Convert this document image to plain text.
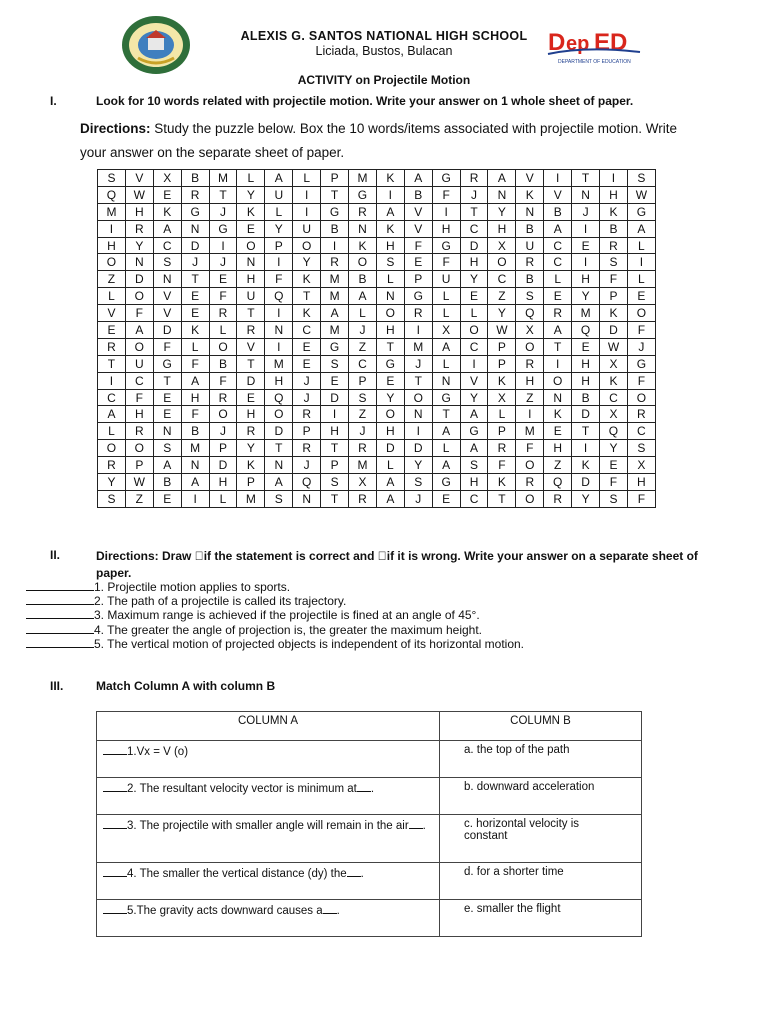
ALEXIS G. SANTOS NATIONAL HIGH SCHOOL
Liciada, Bustos, Bulacan	D ep ED
DEPARTMENT OF EDUCATION
ACTIVITY on Projectile Motion
I.	Look for 10 words related with projectile motion. Write your answer on 1 whole sheet of paper.
Directions: Study the puzzle below. Box the 10 words/items associated with projectile motion. Write your answer on the separate sheet of paper.
S	V	X	B	M	L	A	L	P	M	K	A	G	R	A	V	I	T	I	S
Q	W	E	R	T	Y	U	I	T	G	I	B	F	J	N	K	V	N	H	W
M	H	K	G	J	K	L	I	G	R	A	V	I	T	Y	N	B	J	K	G
I	R	A	N	G	E	Y	U	B	N	K	V	H	C	H	B	A	I	B	A
H	Y	C	D	I	O	P	O	I	K	H	F	G	D	X	U	C	E	R	L
O	N	S	J	J	N	I	Y	R	O	S	E	F	H	O	R	C	I	S	I
Z	D	N	T	E	H	F	K	M	B	L	P	U	Y	C	B	L	H	F	L
L	O	V	E	F	U	Q	T	M	A	N	G	L	E	Z	S	E	Y	P	E
V	F	V	E	R	T	I	K	A	L	O	R	L	L	Y	Q	R	M	K	O
E	A	D	K	L	R	N	C	M	J	H	I	X	O	W	X	A	Q	D	F
R	O	F	L	O	V	I	E	G	Z	T	M	A	C	P	O	T	E	W	J
T	U	G	F	B	T	M	E	S	C	G	J	L	I	P	R	I	H	X	G
I	C	T	A	F	D	H	J	E	P	E	T	N	V	K	H	O	H	K	F
C	F	E	H	R	E	Q	J	D	S	Y	O	G	Y	X	Z	N	B	C	O
A	H	E	F	O	H	O	R	I	Z	O	N	T	A	L	I	K	D	X	R
L	R	N	B	J	R	D	P	H	J	H	I	A	G	P	M	E	T	Q	C
O	O	S	M	P	Y	T	R	T	R	D	D	L	A	R	F	H	I	Y	S
R	P	A	N	D	K	N	J	P	M	L	Y	A	S	F	O	Z	K	E	X
Y	W	B	A	H	P	A	Q	S	X	A	S	G	H	K	R	Q	D	F	H
S	Z	E	I	L	M	S	N	T	R	A	J	E	C	T	O	R	Y	S	F
II.	Directions: Draw  if the statement is correct and  if it is wrong. Write your answer on a separate sheet of paper.
1. Projectile motion applies to sports.
2. The path of a projectile is called its trajectory.
3. Maximum range is achieved if the projectile is fined at an angle of 45°.
4. The greater the angle of projection is, the greater the maximum height.
5. The vertical motion of projected objects is independent of its horizontal motion.
III.	Match Column A with column B
COLUMN A	COLUMN B
1.Vx = V (o)	a. the top of the path
2. The resultant velocity vector is minimum at .	b. downward acceleration
3. The projectile with smaller angle will remain in the air .	c. horizontal velocity is constant
4. The smaller the vertical distance (dy) the .	d. for a shorter time
5.The gravity acts downward causes a .	e. smaller the flight
